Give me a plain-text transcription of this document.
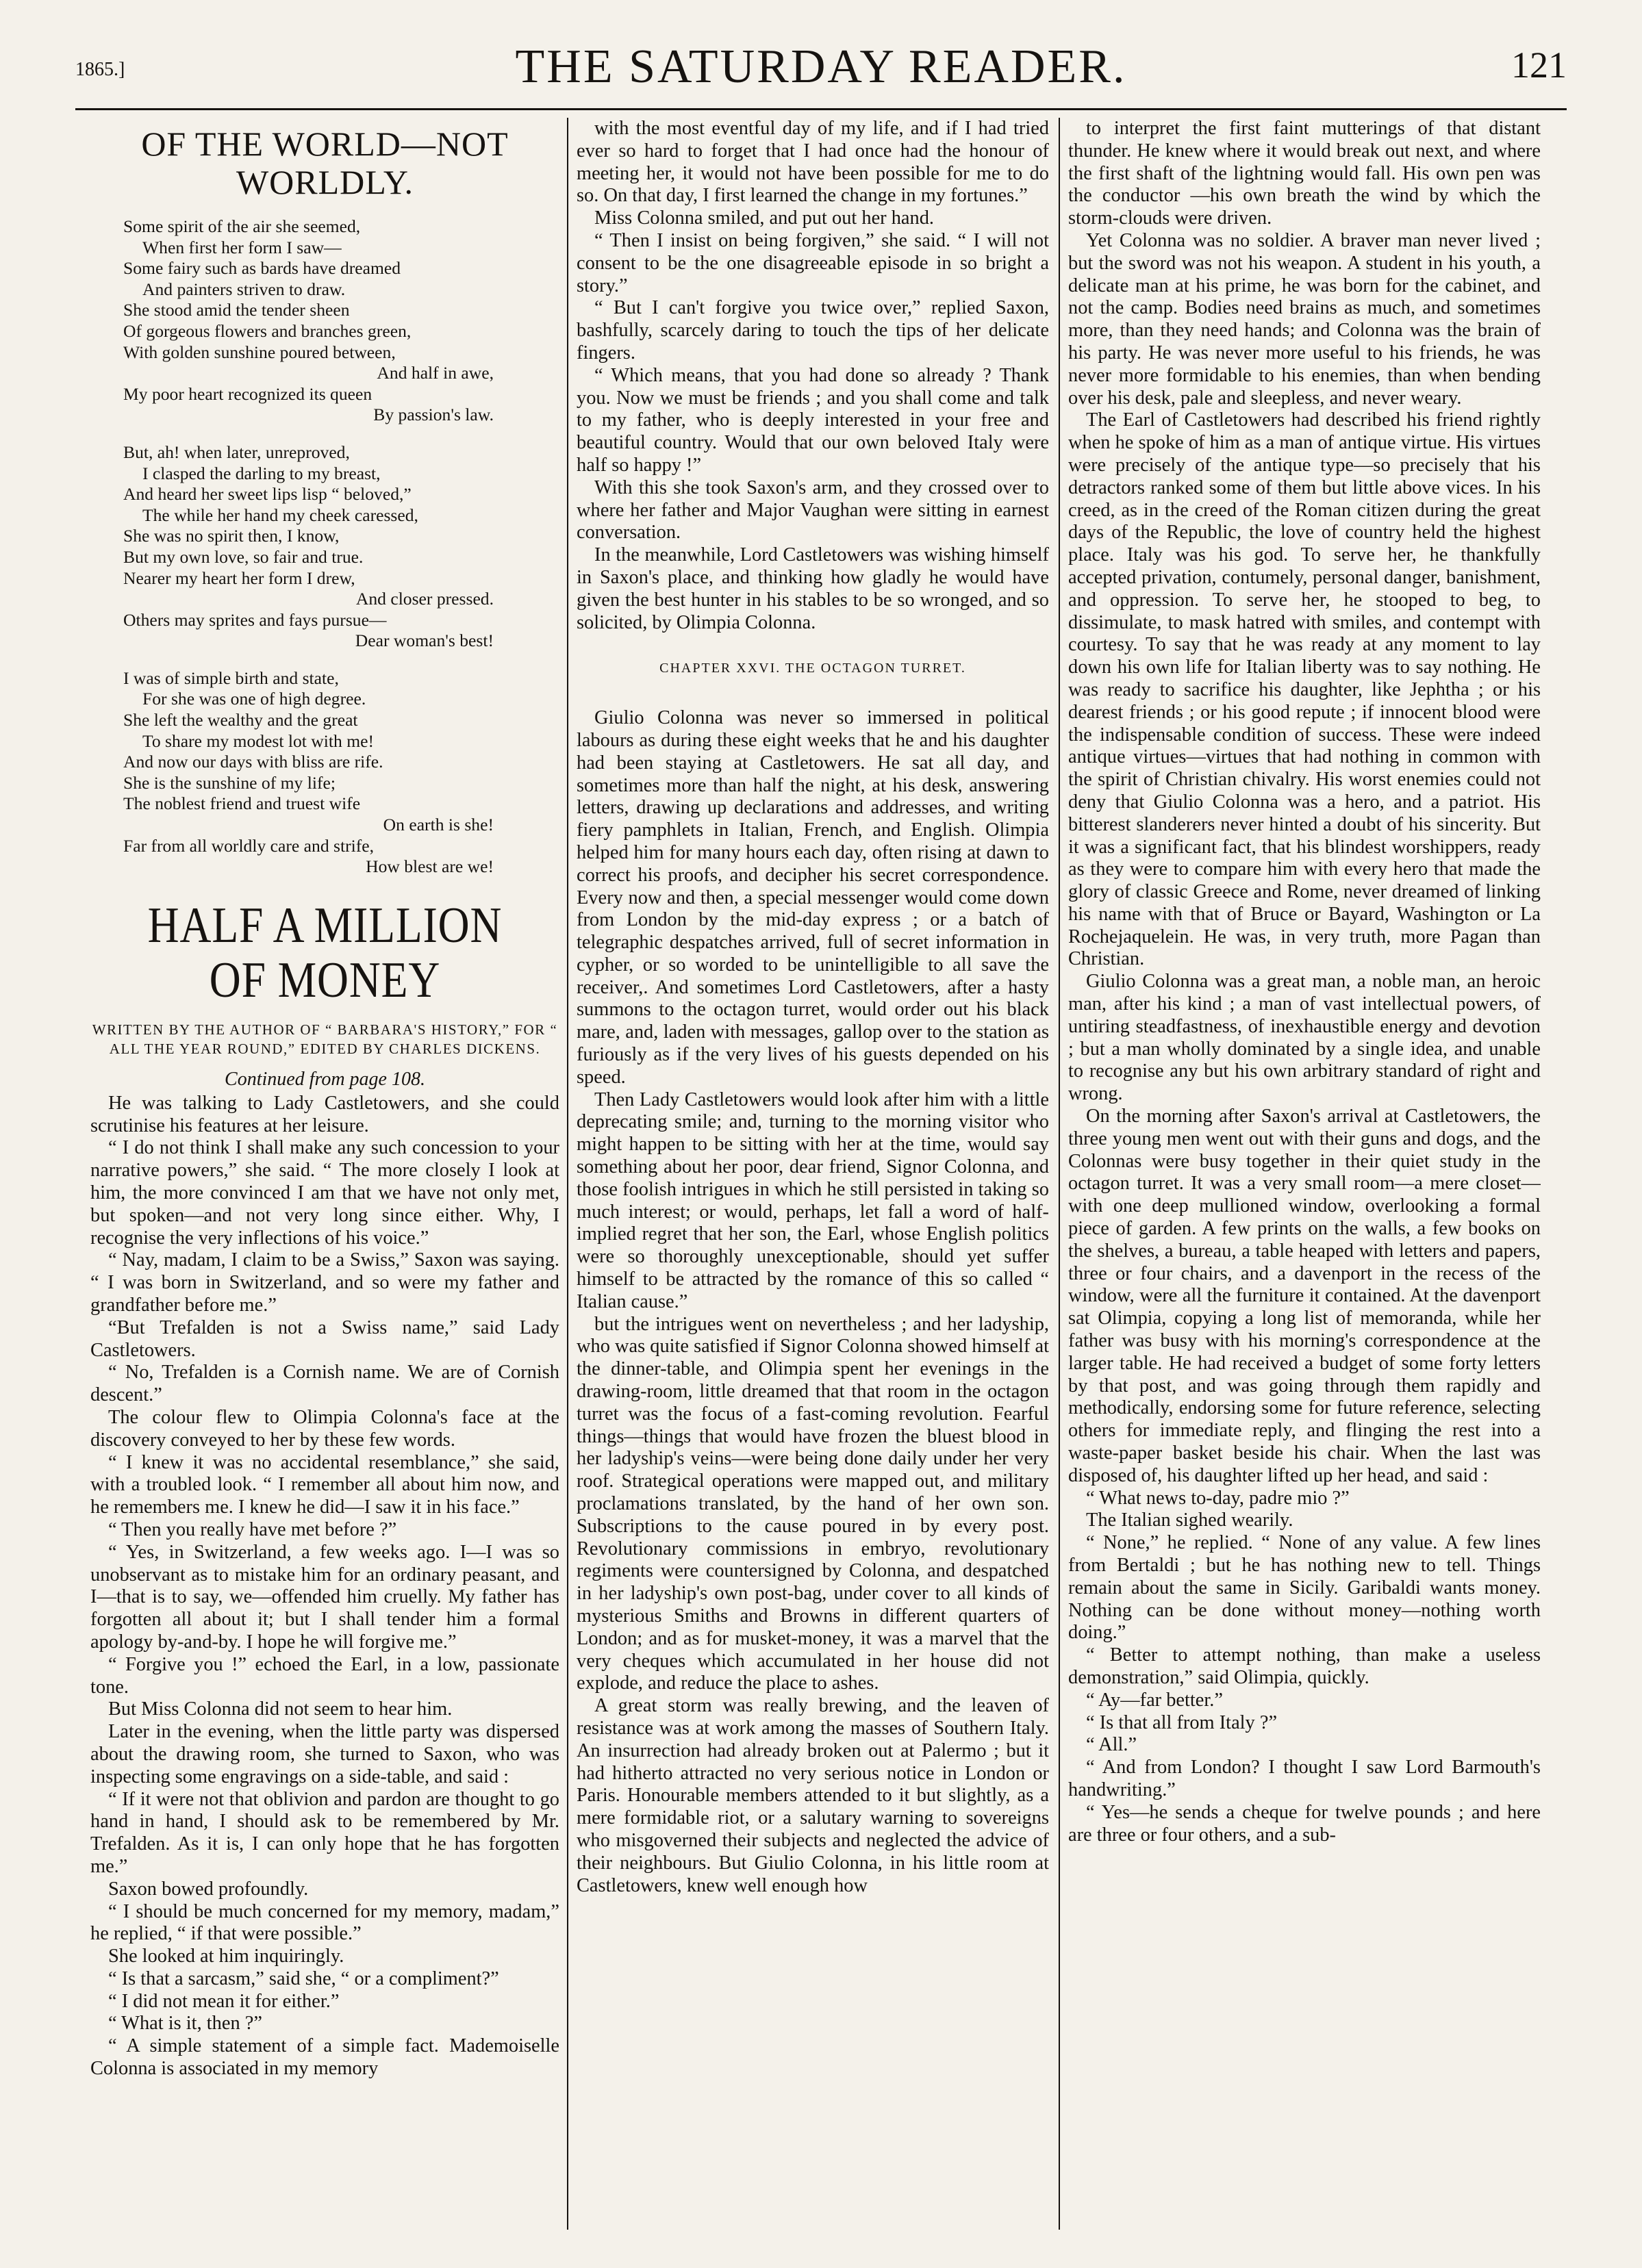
1865.]	THE SATURDAY READER.	121
OF THE WORLD—NOT WORLDLY.
Some spirit of the air she seemed,
When first her form I saw—
Some fairy such as bards have dreamed
And painters striven to draw.
She stood amid the tender sheen
Of gorgeous flowers and branches green,
With golden sunshine poured between,
And half in awe,
My poor heart recognized its queen
By passion's law.
But, ah! when later, unreproved,
I clasped the darling to my breast,
And heard her sweet lips lisp “ beloved,”
The while her hand my cheek caressed,
She was no spirit then, I know,
But my own love, so fair and true.
Nearer my heart her form I drew,
And closer pressed.
Others may sprites and fays pursue—
Dear woman's best!
I was of simple birth and state,
For she was one of high degree.
She left the wealthy and the great
To share my modest lot with me!
And now our days with bliss are rife.
She is the sunshine of my life;
The noblest friend and truest wife
On earth is she!
Far from all worldly care and strife,
How blest are we!
HALF A MILLION OF MONEY
WRITTEN BY THE AUTHOR OF “ BARBARA'S HISTORY,” FOR “ ALL THE YEAR ROUND,” EDITED BY CHARLES DICKENS.
Continued from page 108.

He was talking to Lady Castletowers, and she could scrutinise his features at her leisure.

“ I do not think I shall make any such concession to your narrative powers,” she said. “ The more closely I look at him, the more convinced I am that we have not only met, but spoken—and not very long since either. Why, I recognise the very inflections of his voice.”

“ Nay, madam, I claim to be a Swiss,” Saxon was saying. “ I was born in Switzerland, and so were my father and grandfather before me.”

“But Trefalden is not a Swiss name,” said Lady Castletowers.

“ No, Trefalden is a Cornish name. We are of Cornish descent.”

The colour flew to Olimpia Colonna's face at the discovery conveyed to her by these few words.

“ I knew it was no accidental resemblance,” she said, with a troubled look. “ I remember all about him now, and he remembers me. I knew he did—I saw it in his face.”

“ Then you really have met before ?”

“ Yes, in Switzerland, a few weeks ago. I—I was so unobservant as to mistake him for an ordinary peasant, and I—that is to say, we—offended him cruelly. My father has forgotten all about it; but I shall tender him a formal apology by-and-by. I hope he will forgive me.”

“ Forgive you !” echoed the Earl, in a low, passionate tone.

But Miss Colonna did not seem to hear him.

Later in the evening, when the little party was dispersed about the drawing room, she turned to Saxon, who was inspecting some engravings on a side-table, and said :

“ If it were not that oblivion and pardon are thought to go hand in hand, I should ask to be remembered by Mr. Trefalden. As it is, I can only hope that he has forgotten me.”

Saxon bowed profoundly.

“ I should be much concerned for my memory, madam,” he replied, “ if that were possible.”

She looked at him inquiringly.

“ Is that a sarcasm,” said she, “ or a compliment?”

“ I did not mean it for either.”

“ What is it, then ?”

“ A simple statement of a simple fact. Mademoiselle Colonna is associated in my memory

with the most eventful day of my life, and if I had tried ever so hard to forget that I had once had the honour of meeting her, it would not have been possible for me to do so. On that day, I first learned the change in my fortunes.”

Miss Colonna smiled, and put out her hand.

“ Then I insist on being forgiven,” she said. “ I will not consent to be the one disagreeable episode in so bright a story.”

“ But I can't forgive you twice over,” replied Saxon, bashfully, scarcely daring to touch the tips of her delicate fingers.

“ Which means, that you had done so already ? Thank you. Now we must be friends ; and you shall come and talk to my father, who is deeply interested in your free and beautiful country. Would that our own beloved Italy were half so happy !”

With this she took Saxon's arm, and they crossed over to where her father and Major Vaughan were sitting in earnest conversation.

In the meanwhile, Lord Castletowers was wishing himself in Saxon's place, and thinking how gladly he would have given the best hunter in his stables to be so wronged, and so solicited, by Olimpia Colonna.

CHAPTER XXVI. THE OCTAGON TURRET.

Giulio Colonna was never so immersed in political labours as during these eight weeks that he and his daughter had been staying at Castletowers. He sat all day, and sometimes more than half the night, at his desk, answering letters, drawing up declarations and addresses, and writing fiery pamphlets in Italian, French, and English. Olimpia helped him for many hours each day, often rising at dawn to correct his proofs, and decipher his secret correspondence. Every now and then, a special messenger would come down from London by the mid-day express ; or a batch of telegraphic despatches arrived, full of secret information in cypher, or so worded to be unintelligible to all save the receiver,. And sometimes Lord Castletowers, after a hasty summons to the octagon turret, would order out his black mare, and, laden with messages, gallop over to the station as furiously as if the very lives of his guests depended on his speed.

Then Lady Castletowers would look after him with a little deprecating smile; and, turning to the morning visitor who might happen to be sitting with her at the time, would say something about her poor, dear friend, Signor Colonna, and those foolish intrigues in which he still persisted in taking so much interest; or would, perhaps, let fall a word of half-implied regret that her son, the Earl, whose English politics were so thoroughly unexceptionable, should yet suffer himself to be attracted by the romance of this so called “ Italian cause.”

but the intrigues went on nevertheless ; and her ladyship, who was quite satisfied if Signor Colonna showed himself at the dinner-table, and Olimpia spent her evenings in the drawing-room, little dreamed that that room in the octagon turret was the focus of a fast-coming revolution. Fearful things—things that would have frozen the bluest blood in her ladyship's veins—were being done daily under her very roof. Strategical operations were mapped out, and military proclamations translated, by the hand of her own son. Subscriptions to the cause poured in by every post. Revolutionary commissions in embryo, revolutionary regiments were countersigned by Colonna, and despatched in her ladyship's own post-bag, under cover to all kinds of mysterious Smiths and Browns in different quarters of London; and as for musket-money, it was a marvel that the very cheques which accumulated in her house did not explode, and reduce the place to ashes.

A great storm was really brewing, and the leaven of resistance was at work among the masses of Southern Italy. An insurrection had already broken out at Palermo ; but it had hitherto attracted no very serious notice in London or Paris. Honourable members attended to it but slightly, as a mere formidable riot, or a salutary warning to sovereigns who misgoverned their subjects and neglected the advice of their neighbours. But Giulio Colonna, in his little room at Castletowers, knew well enough how

to interpret the first faint mutterings of that distant thunder. He knew where it would break out next, and where the first shaft of the lightning would fall. His own pen was the conductor —his own breath the wind by which the storm-clouds were driven.

Yet Colonna was no soldier. A braver man never lived ; but the sword was not his weapon. A student in his youth, a delicate man at his prime, he was born for the cabinet, and not the camp. Bodies need brains as much, and sometimes more, than they need hands; and Colonna was the brain of his party. He was never more useful to his friends, he was never more formidable to his enemies, than when bending over his desk, pale and sleepless, and never weary.

The Earl of Castletowers had described his friend rightly when he spoke of him as a man of antique virtue. His virtues were precisely of the antique type—so precisely that his detractors ranked some of them but little above vices. In his creed, as in the creed of the Roman citizen during the great days of the Republic, the love of country held the highest place. Italy was his god. To serve her, he thankfully accepted privation, contumely, personal danger, banishment, and oppression. To serve her, he stooped to beg, to dissimulate, to mask hatred with smiles, and contempt with courtesy. To say that he was ready at any moment to lay down his own life for Italian liberty was to say nothing. He was ready to sacrifice his daughter, like Jephtha ; or his dearest friends ; or his good repute ; if innocent blood were the indispensable condition of success. These were indeed antique virtues—virtues that had nothing in common with the spirit of Christian chivalry. His worst enemies could not deny that Giulio Colonna was a hero, and a patriot. His bitterest slanderers never hinted a doubt of his sincerity. But it was a significant fact, that his blindest worshippers, ready as they were to compare him with every hero that made the glory of classic Greece and Rome, never dreamed of linking his name with that of Bruce or Bayard, Washington or La Rochejaquelein. He was, in very truth, more Pagan than Christian.

Giulio Colonna was a great man, a noble man, an heroic man, after his kind ; a man of vast intellectual powers, of untiring steadfastness, of inexhaustible energy and devotion ; but a man wholly dominated by a single idea, and unable to recognise any but his own arbitrary standard of right and wrong.

On the morning after Saxon's arrival at Castletowers, the three young men went out with their guns and dogs, and the Colonnas were busy together in their quiet study in the octagon turret. It was a very small room—a mere closet—with one deep mullioned window, overlooking a formal piece of garden. A few prints on the walls, a few books on the shelves, a bureau, a table heaped with letters and papers, three or four chairs, and a davenport in the recess of the window, were all the furniture it contained. At the davenport sat Olimpia, copying a long list of memoranda, while her father was busy with his morning's correspondence at the larger table. He had received a budget of some forty letters by that post, and was going through them rapidly and methodically, endorsing some for future reference, selecting others for immediate reply, and flinging the rest into a waste-paper basket beside his chair. When the last was disposed of, his daughter lifted up her head, and said :

“ What news to-day, padre mio ?”

The Italian sighed wearily.

“ None,” he replied. “ None of any value. A few lines from Bertaldi ; but he has nothing new to tell. Things remain about the same in Sicily. Garibaldi wants money. Nothing can be done without money—nothing worth doing.”

“ Better to attempt nothing, than make a useless demonstration,” said Olimpia, quickly.

“ Ay—far better.”

“ Is that all from Italy ?”

“ All.”

“ And from London? I thought I saw Lord Barmouth's handwriting.”

“ Yes—he sends a cheque for twelve pounds ; and here are three or four others, and a sub-
